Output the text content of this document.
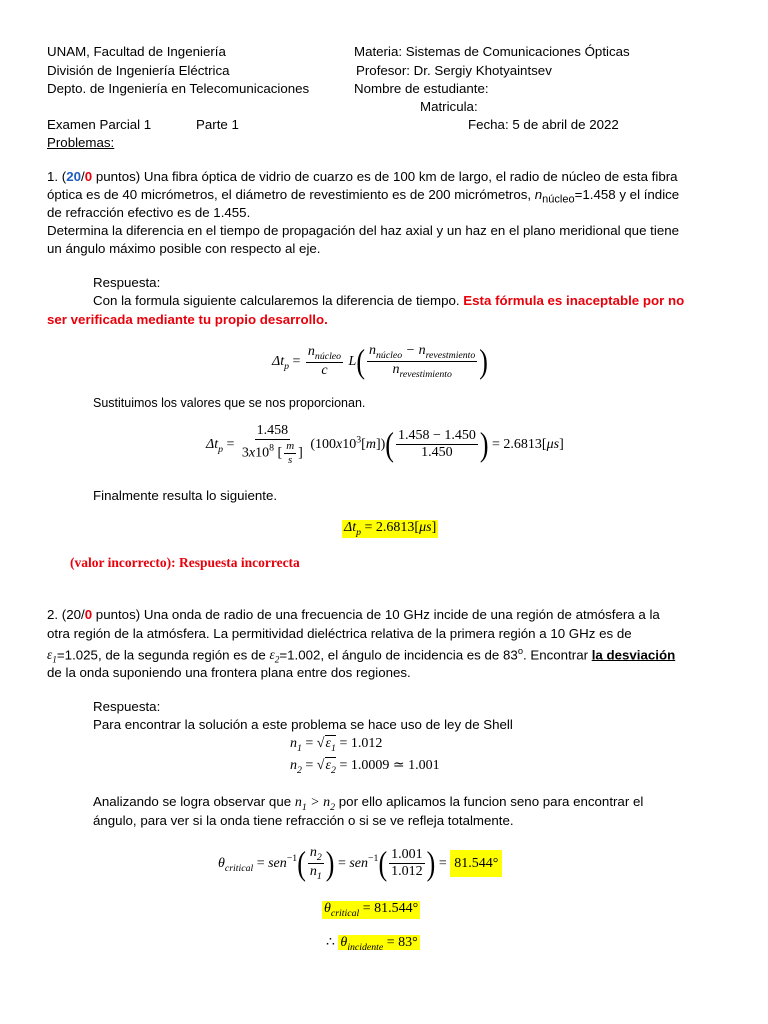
UNAM, Facultad de Ingeniería
División de Ingeniería Eléctrica
Depto. de Ingeniería en Telecomunicaciones
Materia: Sistemas de Comunicaciones Ópticas
Profesor: Dr. Sergiy Khotyaintsev
Nombre de estudiante:
Matricula:
Examen Parcial 1	Parte 1	Fecha: 5 de abril de 2022
Problemas:
1. (20/0 puntos) Una fibra óptica de vidrio de cuarzo es de 100 km de largo, el radio de núcleo de esta fibra
óptica es de 40 micrómetros, el diámetro de revestimiento es de 200 micrómetros, $n_{núcleo}=1.458$ y el índice
de refracción efectivo es de 1.455.
Determina la diferencia en el tiempo de propagación del haz axial y un haz en el plano meridional que tiene
un ángulo máximo posible con respecto al eje.
Respuesta:
Con la formula siguiente calcularemos la diferencia de tiempo. Esta fórmula es inaceptable por no
ser verificada mediante tu propio desarrollo.
$\Delta t_p = \frac{n_{núcleo}}{c} L( \frac{n_{núcleo} - n_{revestmiento}}{n_{revestimiento}}$ )
Sustituimos los valores que se nos proporcionan.
$\Delta t_p = \frac{1.458}{3x10^8 [ \frac{m}{s} ]} (100x10^3[m])( \frac{1.458 - 1.450}{1.450}$ ) = 2.6813[μs]
Finalmente resulta lo siguiente.
$\Delta t_p = 2.6813[\mu s]$
(valor incorrecto): Respuesta incorrecta
2. (20/0 puntos) Una onda de radio de una frecuencia de 10 GHz incide de una región de atmósfera a la
otra región de la atmósfera. La permitividad dieléctrica relativa de la primera región a 10 GHz es de
$\varepsilon_1=1.025$, de la segunda región es de $\varepsilon_2=1.002$, el ángulo de incidencia es de 83$^o$. Encontrar la desviación
de la onda suponiendo una frontera plana entre dos regiones.
Respuesta:
Para encontrar la solución a este problema se hace uso de ley de Shell
$n_1 = √\varepsilon_1 = 1.012$
$n_2 = √\varepsilon_2 = 1.0009$ ≃ 1.001
Analizando se logra observar que $n_1 > n_2$ por ello aplicamos la funcion seno para encontrar el
ángulo, para ver si la onda tiene refracción o si se ve refleja totalmente.
$\theta_{critical} = sen^{-1}( \frac{n_2}{n_1}$ ) = $sen^{-1}( \frac{1.001}{1.012}$ ) = 81.544°
$\theta_{critical} = 81.544^\circ$
∴ $\theta_{incidente} = 83^\circ$
